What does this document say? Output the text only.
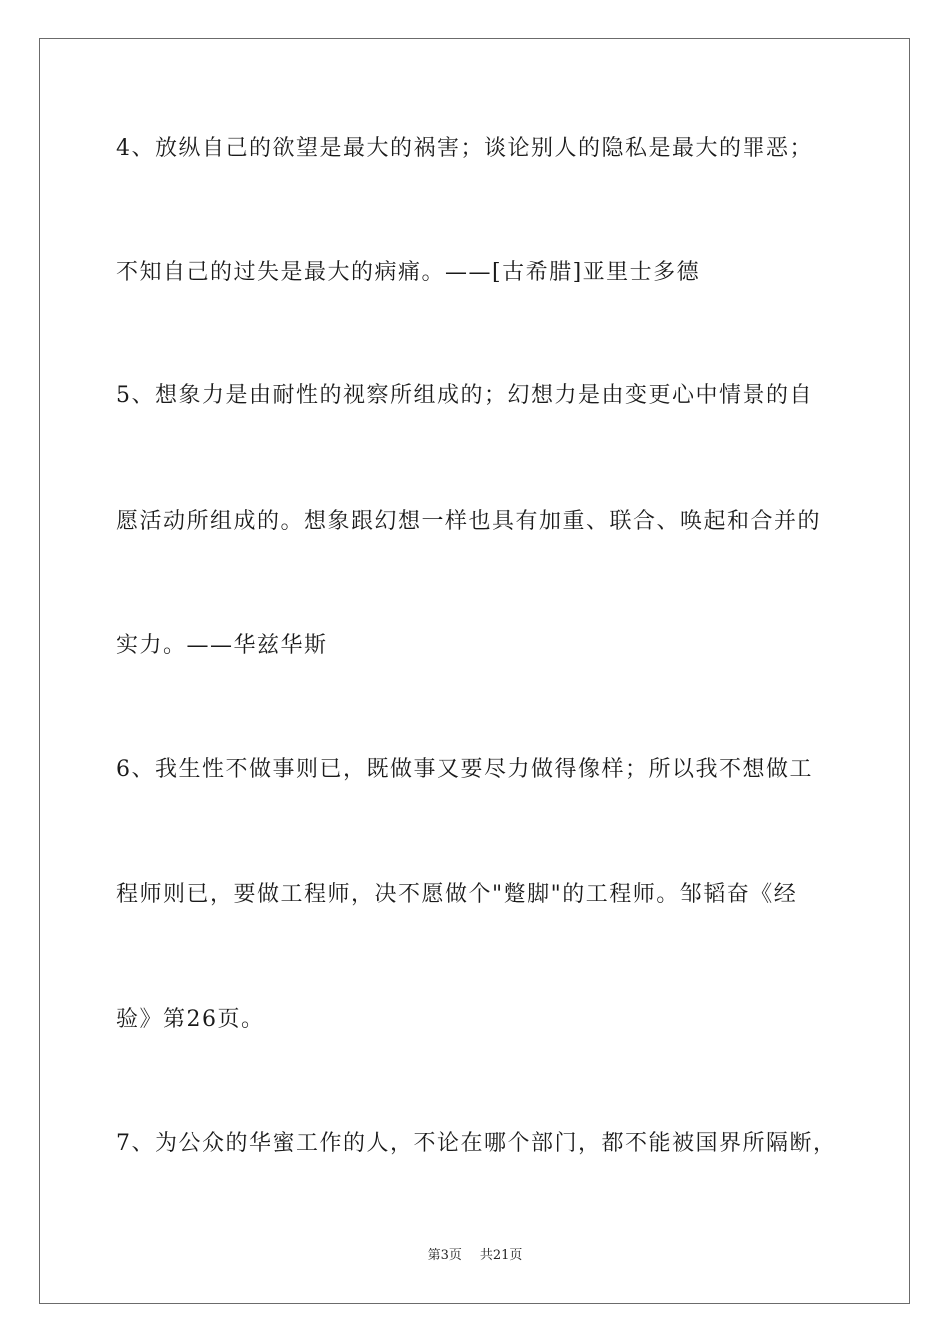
4、放纵自己的欲望是最大的祸害；谈论别人的隐私是最大的罪恶；
不知自己的过失是最大的病痛。——[古希腊]亚里士多德
5、想象力是由耐性的视察所组成的；幻想力是由变更心中情景的自
愿活动所组成的。想象跟幻想一样也具有加重、联合、唤起和合并的
实力。——华兹华斯
6、我生性不做事则已，既做事又要尽力做得像样；所以我不想做工
程师则已，要做工程师，决不愿做个"蹩脚"的工程师。邹韬奋《经
验》第26页。
7、为公众的华蜜工作的人，不论在哪个部门，都不能被国界所隔断，
第3页 共21页
